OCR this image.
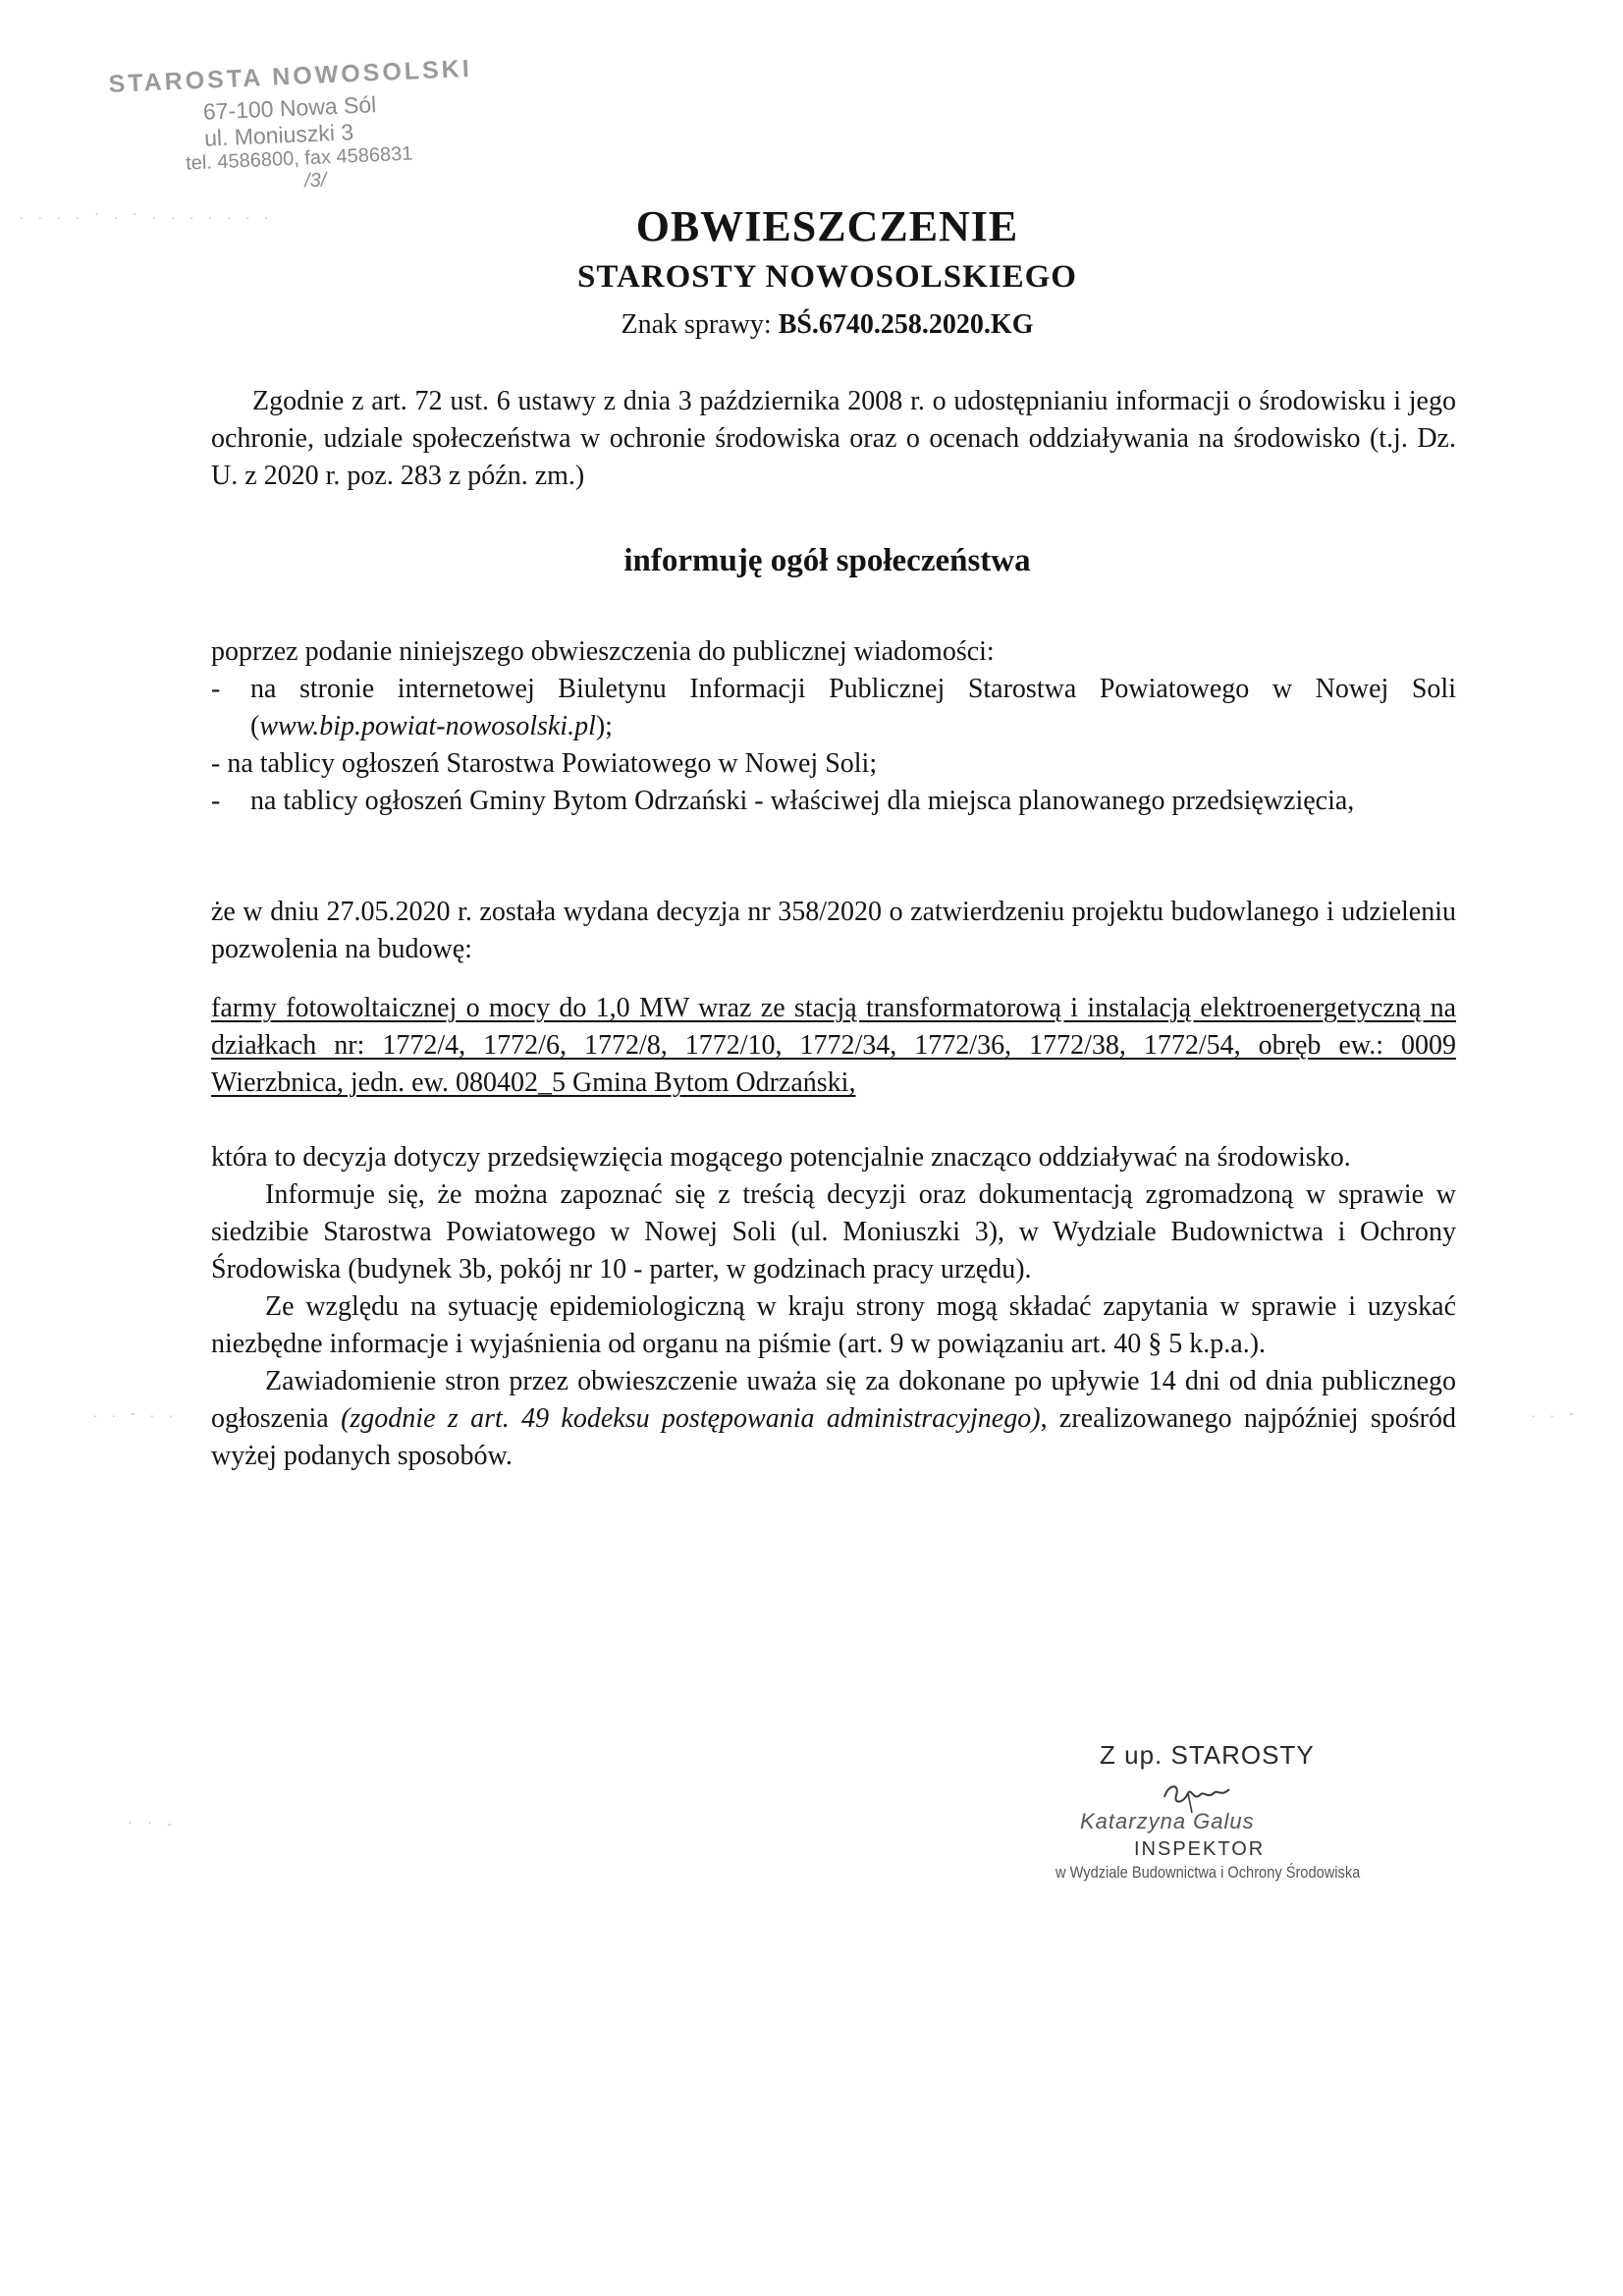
STAROSTA NOWOSOLSKI
67-100 Nowa Sól
ul. Moniuszki 3
tel. 4586800, fax 4586831
/3/
. . . . · . · . . . . . . .	OBWIESZCZENIE
STAROSTY NOWOSOLSKIEGO
Znak sprawy: BŚ.6740.258.2020.KG
Zgodnie z art. 72 ust. 6 ustawy z dnia 3 października 2008 r. o udostępnianiu informacji o środowisku i jego ochronie, udziale społeczeństwa w ochronie środowiska oraz o ocenach oddziaływania na środowisko (t.j. Dz. U. z 2020 r. poz. 283 z późn. zm.)
informuję ogół społeczeństwa

poprzez podanie niniejszego obwieszczenia do publicznej wiadomości:

- na stronie internetowej Biuletynu Informacji Publicznej Starostwa Powiatowego w Nowej Soli (www.bip.powiat-nowosolski.pl);

- na tablicy ogłoszeń Starostwa Powiatowego w Nowej Soli;

- na tablicy ogłoszeń Gminy Bytom Odrzański - właściwej dla miejsca planowanego przedsięwzięcia,

że w dniu 27.05.2020 r. została wydana decyzja nr 358/2020 o zatwierdzeniu projektu budowlanego i udzieleniu pozwolenia na budowę:

farmy fotowoltaicznej o mocy do 1,0 MW wraz ze stacją transformatorową i instalacją elektroenergetyczną na działkach nr: 1772/4, 1772/6, 1772/8, 1772/10, 1772/34, 1772/36, 1772/38, 1772/54, obręb ew.: 0009 Wierzbnica, jedn. ew. 080402_5 Gmina Bytom Odrzański,

która to decyzja dotyczy przedsięwzięcia mogącego potencjalnie znacząco oddziaływać na środowisko.

Informuje się, że można zapoznać się z treścią decyzji oraz dokumentacją zgromadzoną w sprawie w siedzibie Starostwa Powiatowego w Nowej Soli (ul. Moniuszki 3), w Wydziale Budownictwa i Ochrony Środowiska (budynek 3b, pokój nr 10 - parter, w godzinach pracy urzędu).

Ze względu na sytuację epidemiologiczną w kraju strony mogą składać zapytania w sprawie i uzyskać niezbędne informacje i wyjaśnienia od organu na piśmie (art. 9 w powiązaniu art. 40 § 5 k.p.a.).

Zawiadomienie stron przez obwieszczenie uważa się za dokonane po upływie 14 dni od dnia publicznego ogłoszenia (zgodnie z art. 49 kodeksu postępowania administracyjnego), zrealizowanego najpóźniej spośród wyżej podanych sposobów.

. . - . .	. . -
· · -
Z up. STAROSTY
Katarzyna Galus
INSPEKTOR
w Wydziale Budownictwa i Ochrony Środowiska
